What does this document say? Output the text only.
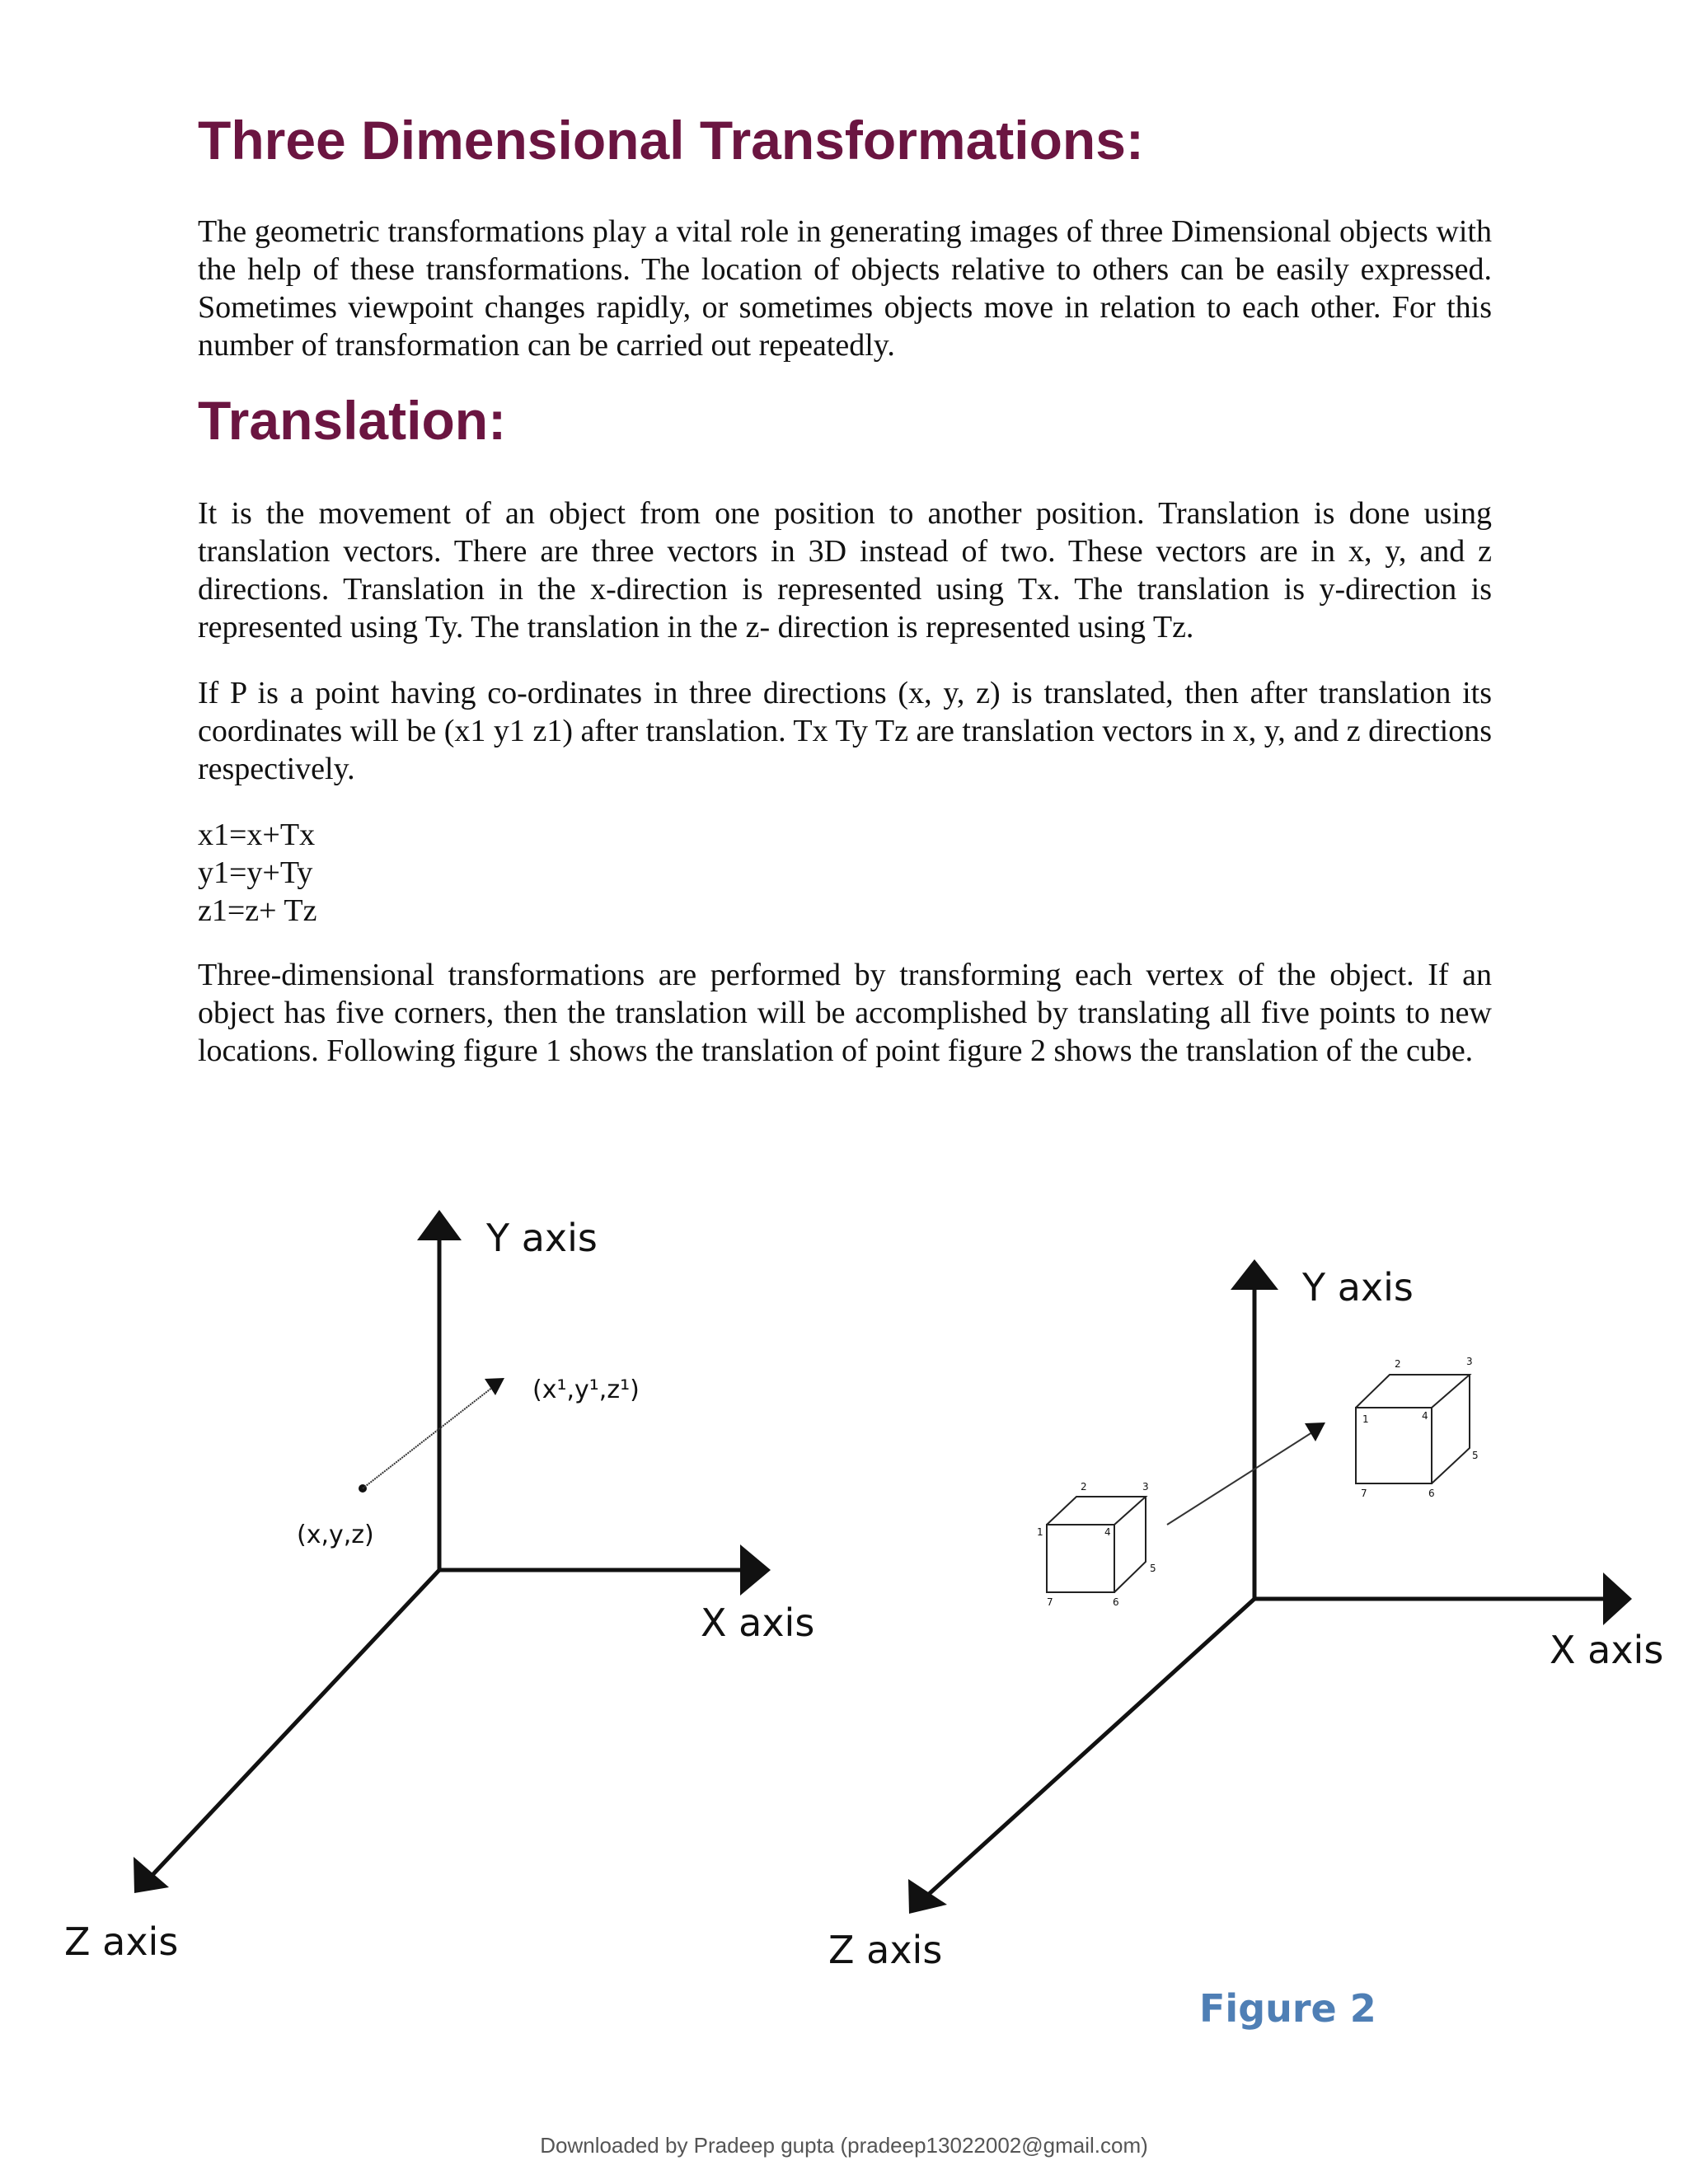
Three Dimensional Transformations:

The geometric transformations play a vital role in generating images of three Dimensional objects with the help of these transformations. The location of objects relative to others can be easily expressed. Sometimes viewpoint changes rapidly, or sometimes objects move in relation to each other. For this number of transformation can be carried out repeatedly.

Translation:

It is the movement of an object from one position to another position. Translation is done using translation vectors. There are three vectors in 3D instead of two. These vectors are in x, y, and z directions. Translation in the x-direction is represented using Tx. The translation is y-direction is represented using Ty. The translation in the z- direction is represented using Tz.

If P is a point having co-ordinates in three directions (x, y, z) is translated, then after translation its coordinates will be (x1 y1 z1) after translation. Tx Ty Tz are translation vectors in x, y, and z directions respectively.

x1=x+Tx
y1=y+Ty
z1=z+ Tz

Three-dimensional transformations are performed by transforming each vertex of the object. If an object has five corners, then the translation will be accomplished by translating all five points to new locations. Following figure 1 shows the translation of point figure 2 shows the translation of the cube.

Y axis
X axis
Z axis
(x,y,z)
(x¹,y¹,z¹)
Y axis
X axis
Z axis
1
2	3
4
5
6
7
1
2	3
4
5
6
7

Figure 2

Downloaded by Pradeep gupta (pradeep13022002@gmail.com)
